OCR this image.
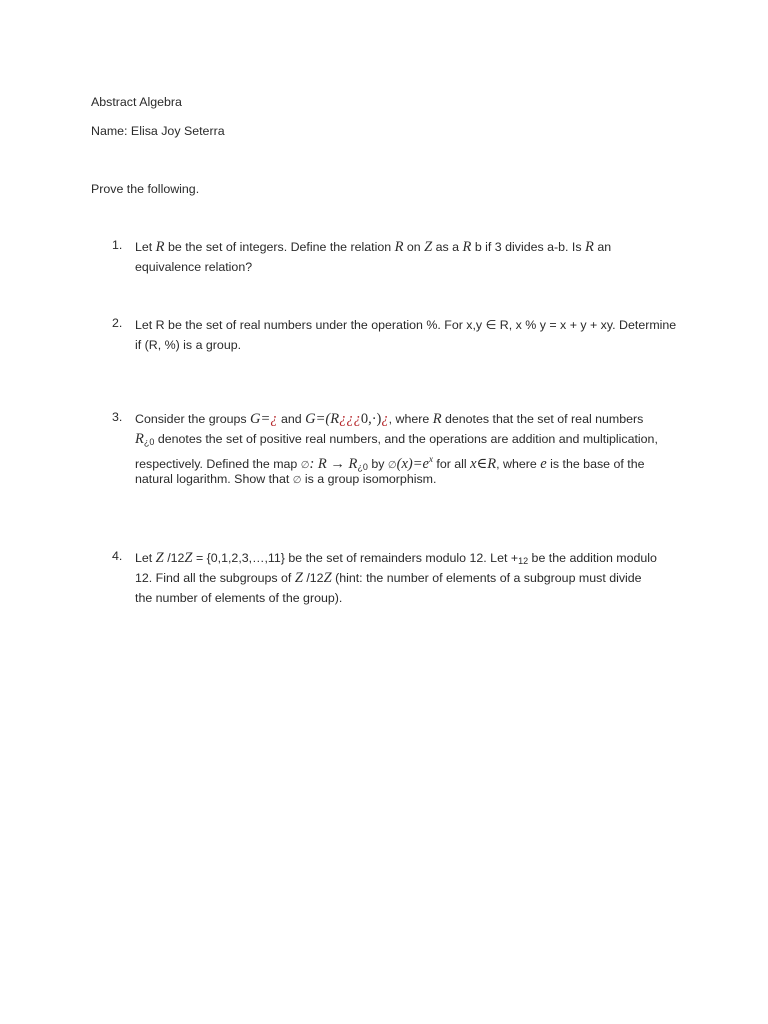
Abstract Algebra
Name: Elisa Joy Seterra
Prove the following.
1. Let R be the set of integers. Define the relation R on Z as a R b if 3 divides a-b. Is R an
equivalence relation?
2. Let R be the set of real numbers under the operation %. For x,y ∈ R, x % y = x + y + xy. Determine
if (R, %) is a group.
3. Consider the groups G=¿ and G=(R¿¿¿0,·)¿, where R denotes that the set of real numbers
R¿0 denotes the set of positive real numbers, and the operations are addition and multiplication,
respectively. Defined the map ∅: R → R¿0 by $\emptyset(x)=e^x$ for all x∈R, where e is the base of the
natural logarithm. Show that ∅ is a group isomorphism.
4. Let Z /12Z = {0,1,2,3,…,11} be the set of remainders modulo 12. Let +12 be the addition modulo
12. Find all the subgroups of Z /12Z (hint: the number of elements of a subgroup must divide
the number of elements of the group).
